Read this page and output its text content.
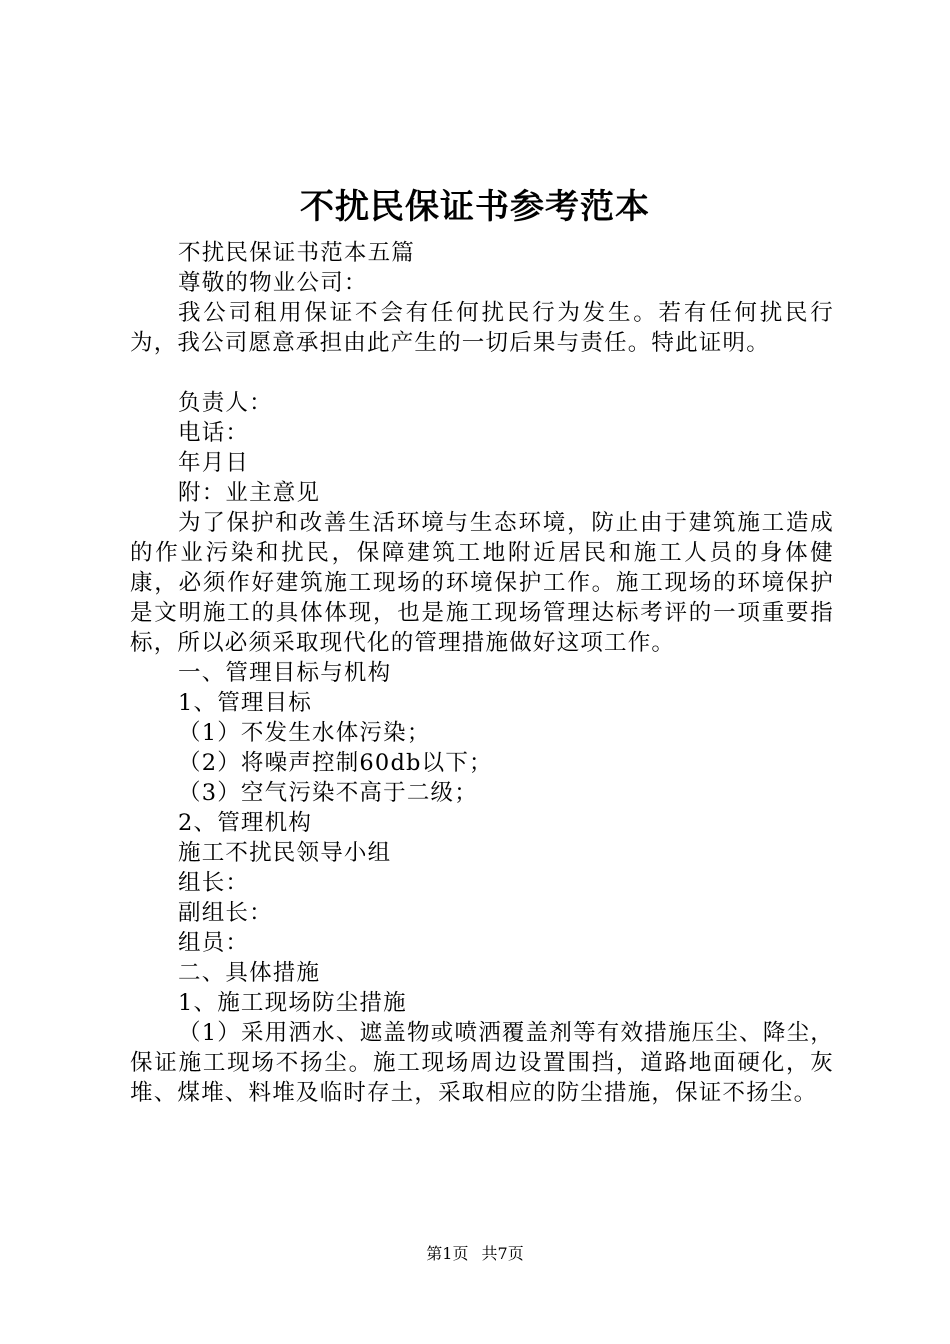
不扰民保证书参考范本

不扰民保证书范本五篇

尊敬的物业公司：

我公司租用保证不会有任何扰民行为发生。若有任何扰民行为，我公司愿意承担由此产生的一切后果与责任。特此证明。

负责人：

电话：

年月日

附：业主意见

为了保护和改善生活环境与生态环境，防止由于建筑施工造成的作业污染和扰民，保障建筑工地附近居民和施工人员的身体健康，必须作好建筑施工现场的环境保护工作。施工现场的环境保护是文明施工的具体体现，也是施工现场管理达标考评的一项重要指标，所以必须采取现代化的管理措施做好这项工作。

一、管理目标与机构

1、管理目标

（1）不发生水体污染；

（2）将噪声控制60db以下；

（3）空气污染不高于二级；

2、管理机构

施工不扰民领导小组

组长：

副组长：

组员：

二、具体措施

1、施工现场防尘措施

（1）采用洒水、遮盖物或喷洒覆盖剂等有效措施压尘、降尘，保证施工现场不扬尘。施工现场周边设置围挡，道路地面硬化，灰堆、煤堆、料堆及临时存土，采取相应的防尘措施，保证不扬尘。

第1页 共7页
